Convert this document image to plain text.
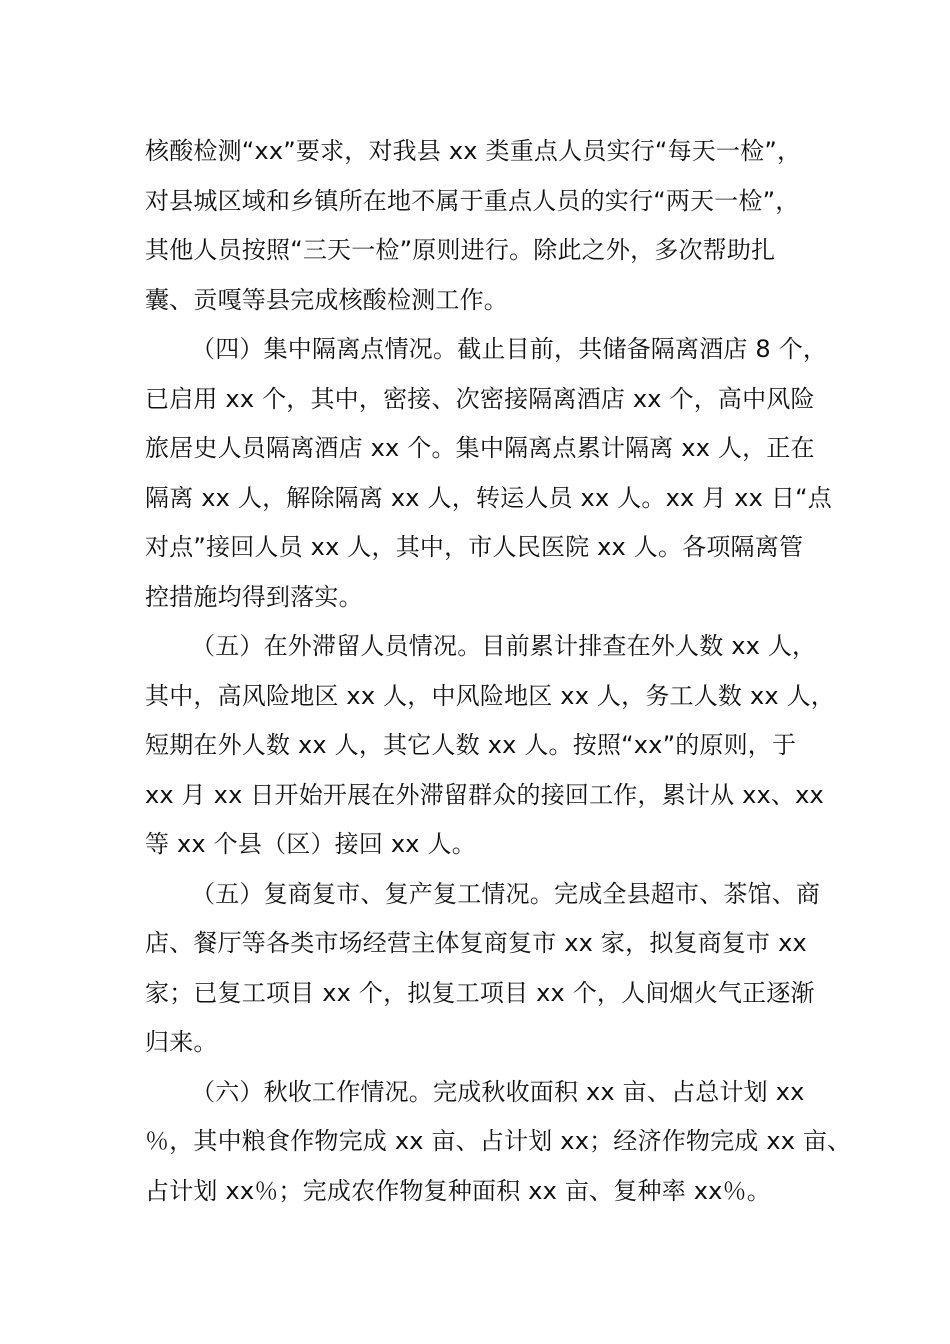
核酸检测“xx”要求，对我县 xx 类重点人员实行“每天一检”，
对县城区域和乡镇所在地不属于重点人员的实行“两天一检”，
其他人员按照“三天一检”原则进行。除此之外，多次帮助扎
囊、贡嘎等县完成核酸检测工作。
（四）集中隔离点情况。截止目前，共储备隔离酒店 8 个，
已启用 xx 个，其中，密接、次密接隔离酒店 xx 个，高中风险
旅居史人员隔离酒店 xx 个。集中隔离点累计隔离 xx 人，正在
隔离 xx 人，解除隔离 xx 人，转运人员 xx 人。xx 月 xx 日“点
对点”接回人员 xx 人，其中，市人民医院 xx 人。各项隔离管
控措施均得到落实。
（五）在外滞留人员情况。目前累计排查在外人数 xx 人，
其中，高风险地区 xx 人，中风险地区 xx 人，务工人数 xx 人，
短期在外人数 xx 人，其它人数 xx 人。按照“xx”的原则，于
xx 月 xx 日开始开展在外滞留群众的接回工作，累计从 xx、xx
等 xx 个县（区）接回 xx 人。
（五）复商复市、复产复工情况。完成全县超市、茶馆、商
店、餐厅等各类市场经营主体复商复市 xx 家，拟复商复市 xx
家；已复工项目 xx 个，拟复工项目 xx 个，人间烟火气正逐渐
归来。
（六）秋收工作情况。完成秋收面积 xx 亩、占总计划 xx
％，其中粮食作物完成 xx 亩、占计划 xx；经济作物完成 xx 亩、
占计划 xx％；完成农作物复种面积 xx 亩、复种率 xx％。
